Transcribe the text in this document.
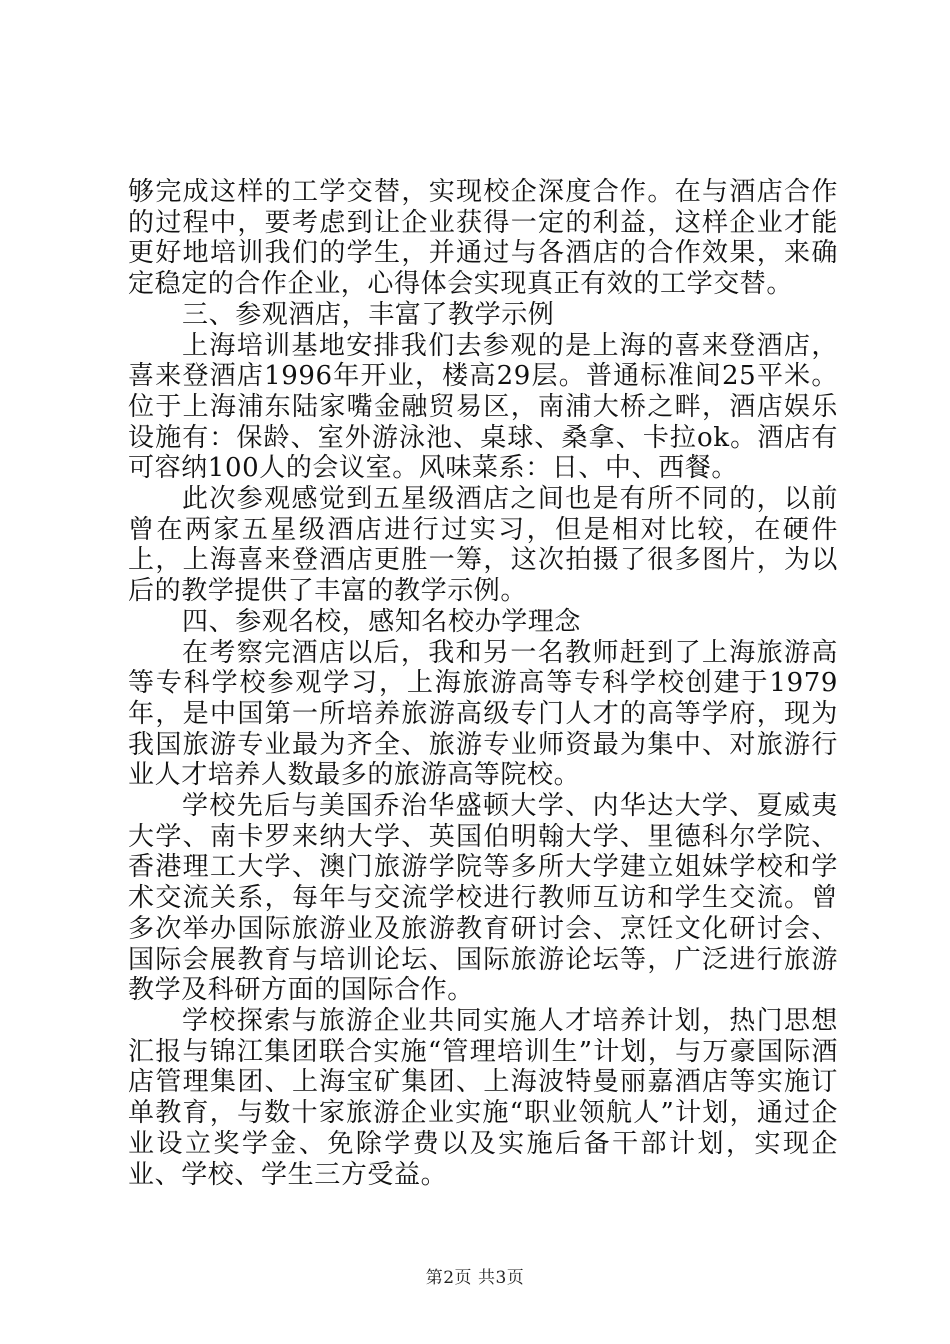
够完成这样的工学交替，实现校企深度合作。在与酒店合作的过程中，要考虑到让企业获得一定的利益，这样企业才能更好地培训我们的学生，并通过与各酒店的合作效果，来确定稳定的合作企业，心得体会实现真正有效的工学交替。

三、参观酒店，丰富了教学示例

上海培训基地安排我们去参观的是上海的喜来登酒店，喜来登酒店1996年开业，楼高29层。普通标准间25平米。位于上海浦东陆家嘴金融贸易区，南浦大桥之畔，酒店娱乐设施有：保龄、室外游泳池、桌球、桑拿、卡拉ok。酒店有可容纳100人的会议室。风味菜系：日、中、西餐。

此次参观感觉到五星级酒店之间也是有所不同的，以前曾在两家五星级酒店进行过实习，但是相对比较，在硬件上，上海喜来登酒店更胜一筹，这次拍摄了很多图片，为以后的教学提供了丰富的教学示例。

四、参观名校，感知名校办学理念

在考察完酒店以后，我和另一名教师赶到了上海旅游高等专科学校参观学习，上海旅游高等专科学校创建于1979年，是中国第一所培养旅游高级专门人才的高等学府，现为我国旅游专业最为齐全、旅游专业师资最为集中、对旅游行业人才培养人数最多的旅游高等院校。

学校先后与美国乔治华盛顿大学、内华达大学、夏威夷大学、南卡罗来纳大学、英国伯明翰大学、里德科尔学院、香港理工大学、澳门旅游学院等多所大学建立姐妹学校和学术交流关系，每年与交流学校进行教师互访和学生交流。曾多次举办国际旅游业及旅游教育研讨会、烹饪文化研讨会、国际会展教育与培训论坛、国际旅游论坛等，广泛进行旅游教学及科研方面的国际合作。

学校探索与旅游企业共同实施人才培养计划，热门思想汇报与锦江集团联合实施“管理培训生”计划，与万豪国际酒店管理集团、上海宝矿集团、上海波特曼丽嘉酒店等实施订单教育，与数十家旅游企业实施“职业领航人”计划，通过企业设立奖学金、免除学费以及实施后备干部计划，实现企业、学校、学生三方受益。

第2页 共3页
